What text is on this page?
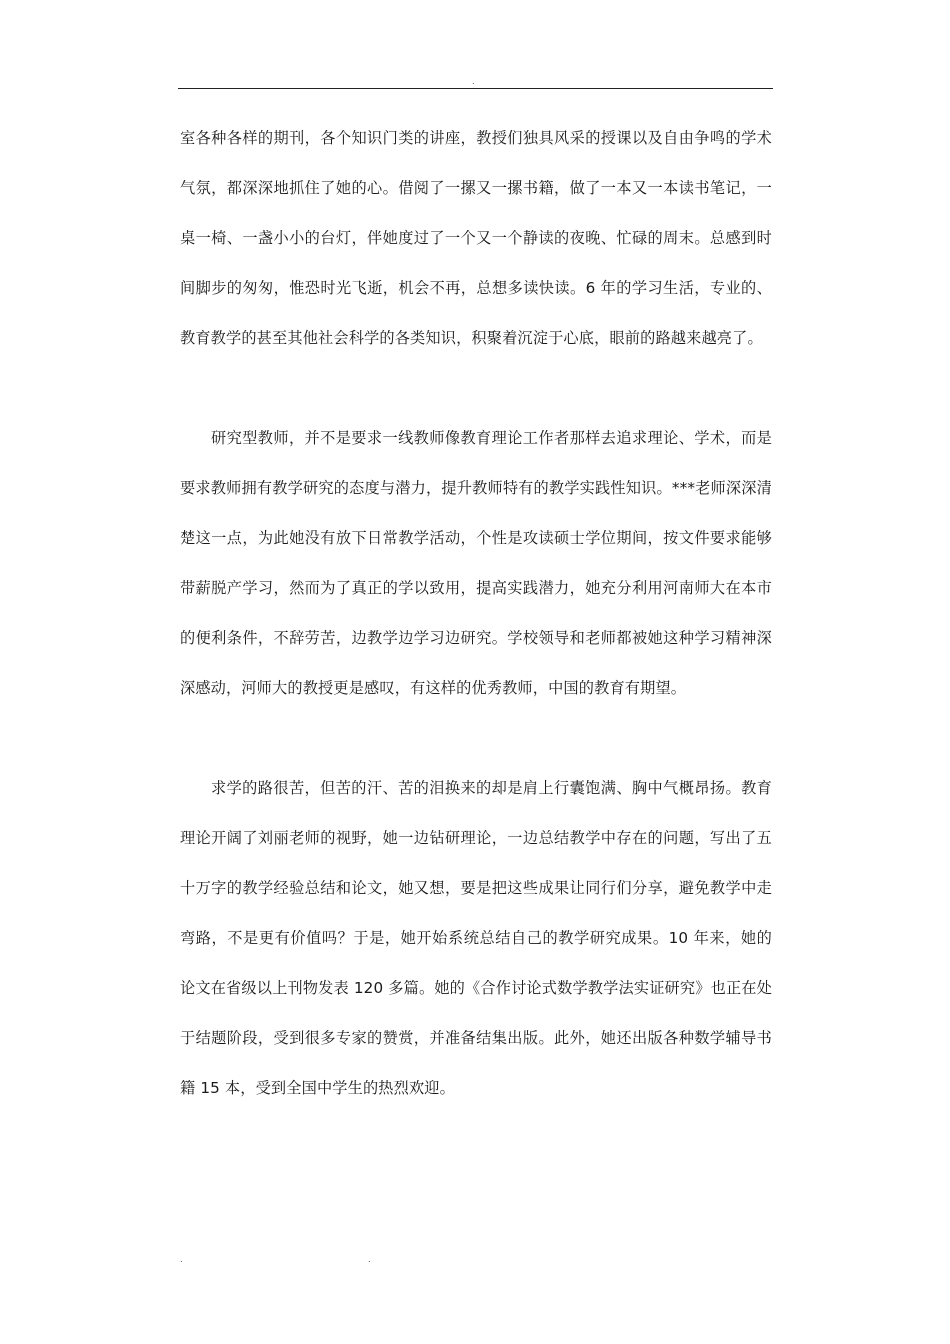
.

室各种各样的期刊，各个知识门类的讲座，教授们独具风采的授课以及自由争鸣的学术气氛，都深深地抓住了她的心。借阅了一摞又一摞书籍，做了一本又一本读书笔记，一桌一椅、一盏小小的台灯，伴她度过了一个又一个静读的夜晚、忙碌的周末。总感到时间脚步的匆匆，惟恐时光飞逝，机会不再，总想多读快读。6 年的学习生活，专业的、教育教学的甚至其他社会科学的各类知识，积聚着沉淀于心底，眼前的路越来越亮了。

研究型教师，并不是要求一线教师像教育理论工作者那样去追求理论、学术，而是要求教师拥有教学研究的态度与潜力，提升教师特有的教学实践性知识。***老师深深清楚这一点，为此她没有放下日常教学活动，个性是攻读硕士学位期间，按文件要求能够带薪脱产学习，然而为了真正的学以致用，提高实践潜力，她充分利用河南师大在本市的便利条件，不辞劳苦，边教学边学习边研究。学校领导和老师都被她这种学习精神深深感动，河师大的教授更是感叹，有这样的优秀教师，中国的教育有期望。

求学的路很苦，但苦的汗、苦的泪换来的却是肩上行囊饱满、胸中气概昂扬。教育理论开阔了刘丽老师的视野，她一边钻研理论，一边总结教学中存在的问题，写出了五十万字的教学经验总结和论文，她又想，要是把这些成果让同行们分享，避免教学中走弯路，不是更有价值吗？于是，她开始系统总结自己的教学研究成果。10 年来，她的论文在省级以上刊物发表 120 多篇。她的《合作讨论式数学教学法实证研究》也正在处于结题阶段，受到很多专家的赞赏，并准备结集出版。此外，她还出版各种数学辅导书籍 15 本，受到全国中学生的热烈欢迎。

.	.
